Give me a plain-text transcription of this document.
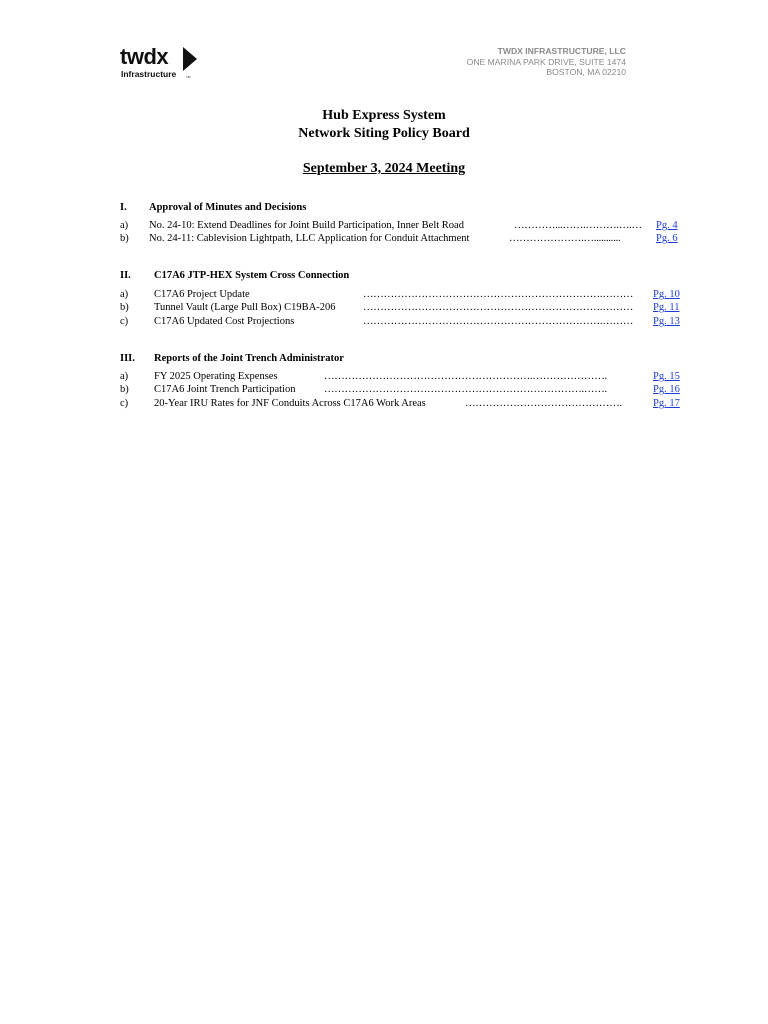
twdx
Infrastructure	TM
TWDX INFRASTRUCTURE, LLC
ONE MARINA PARK DRIVE, SUITE 1474
BOSTON, MA 02210
Hub Express System
Network Siting Policy Board
September 3, 2024 Meeting
I. Approval of Minutes and Decisions
a) No. 24-10: Extend Deadlines for Joint Build Participation, Inner Belt Road	…………...…….……….….… Pg. 4
b) No. 24-11: Cablevision Lightpath, LLC Application for Conduit Attachment	………………….…...........	Pg. 6
II. C17A6 JTP-HEX System Cross Connection
a) C17A6 Project Update	…………………………………………………………….……… Pg. 10
b) Tunnel Vault (Large Pull Box) C19BA-206	…………………………………………………………….……… Pg. 11
c) C17A6 Updated Cost Projections	…………………………………………………………….……… Pg. 13
III. Reports of the Joint Trench Administrator
a) FY 2025 Operating Expenses	…………………………………………………….………………….	Pg. 15
b) C17A6 Joint Trench Participation	………………………………………………………………….…….	Pg. 16
c) 20-Year IRU Rates for JNF Conduits Across C17A6 Work Areas	……………………………………….	Pg. 17
